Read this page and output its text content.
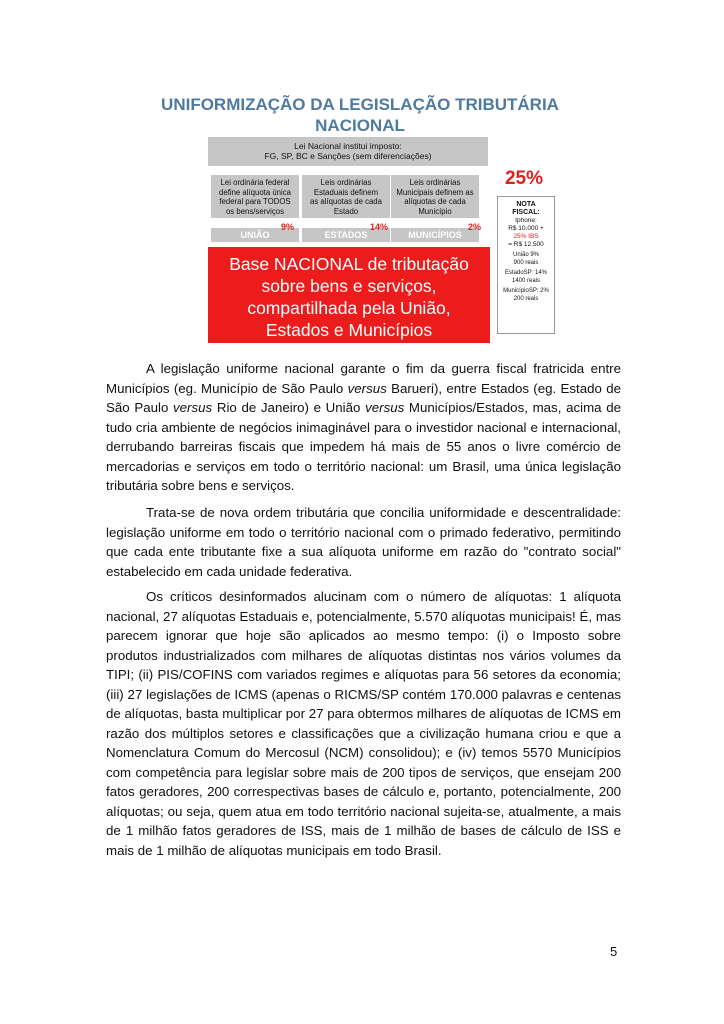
UNIFORMIZAÇÃO DA LEGISLAÇÃO TRIBUTÁRIA
NACIONAL
Lei Nacional institui imposto:
FG, SP, BC e Sanções (sem diferenciações)
Lei ordinária federal
define alíquota única
federal para TODOS
os bens/serviços
Leis ordinárias
Estaduais definem
as alíquotas de cada
Estado
Leis ordinárias
Municipais definem as
alíquotas de cada
Município
UNIÃO	ESTADOS	MUNICÍPIOS
9%	14%	2%
Base NACIONAL de tributação
sobre bens e serviços,
compartilhada pela União,
Estados e Municípios
25%
NOTA
FISCAL:
Iphone:
R$ 10.000 +
25% IBS
= R$ 12.500
União 9%
900 reais
EstadoSP: 14%
1400 reais
MunicípioSP: 2%
200 reais

A legislação uniforme nacional garante o fim da guerra fiscal fratricida entre Municípios (eg. Município de São Paulo versus Barueri), entre Estados (eg. Estado de São Paulo versus Rio de Janeiro) e União versus Municípios/Estados, mas, acima de tudo cria ambiente de negócios inimaginável para o investidor nacional e internacional, derrubando barreiras fiscais que impedem há mais de 55 anos o livre comércio de mercadorias e serviços em todo o território nacional: um Brasil, uma única legislação tributária sobre bens e serviços.

Trata-se de nova ordem tributária que concilia uniformidade e descentralidade: legislação uniforme em todo o território nacional com o primado federativo, permitindo que cada ente tributante fixe a sua alíquota uniforme em razão do "contrato social" estabelecido em cada unidade federativa.

Os críticos desinformados alucinam com o número de alíquotas: 1 alíquota nacional, 27 alíquotas Estaduais e, potencialmente, 5.570 alíquotas municipais! É, mas parecem ignorar que hoje são aplicados ao mesmo tempo: (i) o Imposto sobre produtos industrializados com milhares de alíquotas distintas nos vários volumes da TIPI; (ii) PIS/COFINS com variados regimes e alíquotas para 56 setores da economia; (iii) 27 legislações de ICMS (apenas o RICMS/SP contém 170.000 palavras e centenas de alíquotas, basta multiplicar por 27 para obtermos milhares de alíquotas de ICMS em razão dos múltiplos setores e classificações que a civilização humana criou e que a Nomenclatura Comum do Mercosul (NCM) consolidou); e (iv) temos 5570 Municípios com competência para legislar sobre mais de 200 tipos de serviços, que ensejam 200 fatos geradores, 200 correspectivas bases de cálculo e, portanto, potencialmente, 200 alíquotas; ou seja, quem atua em todo território nacional sujeita-se, atualmente, a mais de 1 milhão fatos geradores de ISS, mais de 1 milhão de bases de cálculo de ISS e mais de 1 milhão de alíquotas municipais em todo Brasil.

5
